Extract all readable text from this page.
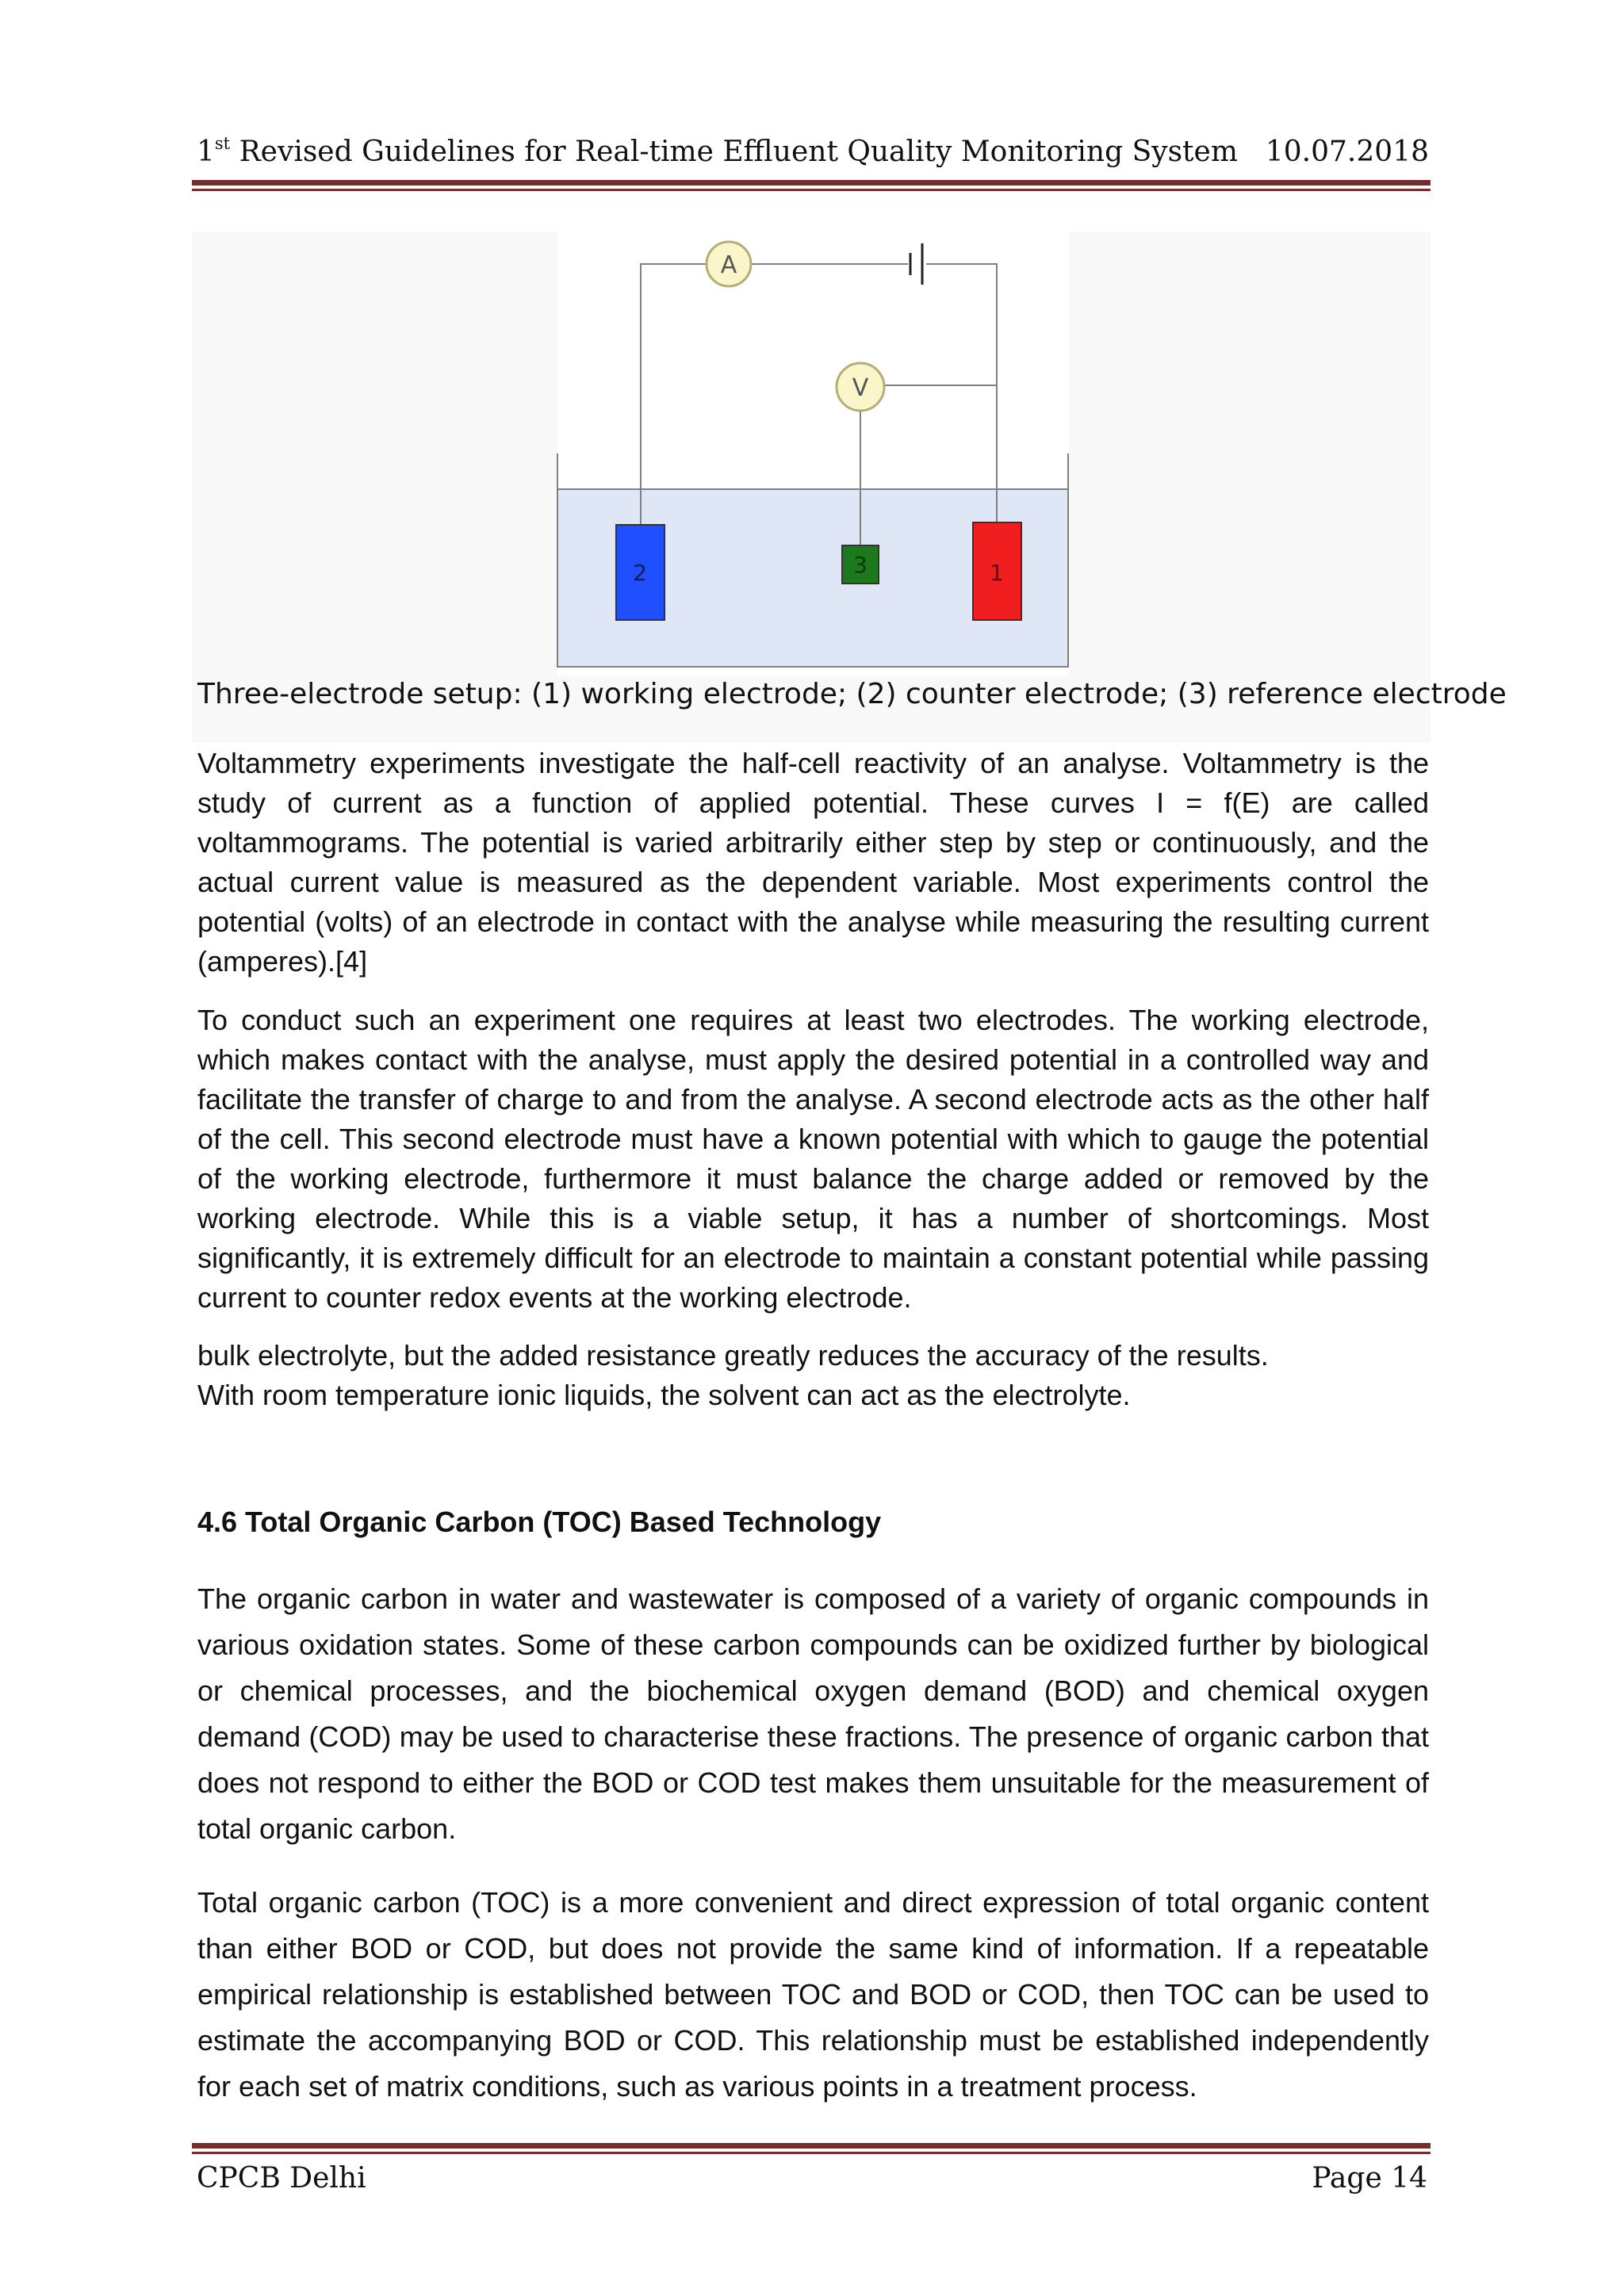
1st Revised Guidelines for Real-time Effluent Quality Monitoring System 10.07.2018
A
V
2	3	1
Three-electrode setup: (1) working electrode; (2) counter electrode; (3) reference electrode
Voltammetry experiments investigate the half-cell reactivity of an analyse. Voltammetry is the study of current as a function of applied potential. These curves I = f(E) are called voltammograms. The potential is varied arbitrarily either step by step or continuously, and the actual current value is measured as the dependent variable. Most experiments control the potential (volts) of an electrode in contact with the analyse while measuring the resulting current (amperes).[4]
To conduct such an experiment one requires at least two electrodes. The working electrode, which makes contact with the analyse, must apply the desired potential in a controlled way and facilitate the transfer of charge to and from the analyse. A second electrode acts as the other half of the cell. This second electrode must have a known potential with which to gauge the potential of the working electrode, furthermore it must balance the charge added or removed by the working electrode. While this is a viable setup, it has a number of shortcomings. Most significantly, it is extremely difficult for an electrode to maintain a constant potential while passing current to counter redox events at the working electrode.
bulk electrolyte, but the added resistance greatly reduces the accuracy of the results.
With room temperature ionic liquids, the solvent can act as the electrolyte.
4.6 Total Organic Carbon (TOC) Based Technology
The organic carbon in water and wastewater is composed of a variety of organic compounds in various oxidation states. Some of these carbon compounds can be oxidized further by biological or chemical processes, and the biochemical oxygen demand (BOD) and chemical oxygen demand (COD) may be used to characterise these fractions. The presence of organic carbon that does not respond to either the BOD or COD test makes them unsuitable for the measurement of total organic carbon.
Total organic carbon (TOC) is a more convenient and direct expression of total organic content than either BOD or COD, but does not provide the same kind of information. If a repeatable empirical relationship is established between TOC and BOD or COD, then TOC can be used to estimate the accompanying BOD or COD. This relationship must be established independently for each set of matrix conditions, such as various points in a treatment process.
CPCB Delhi	Page 14
